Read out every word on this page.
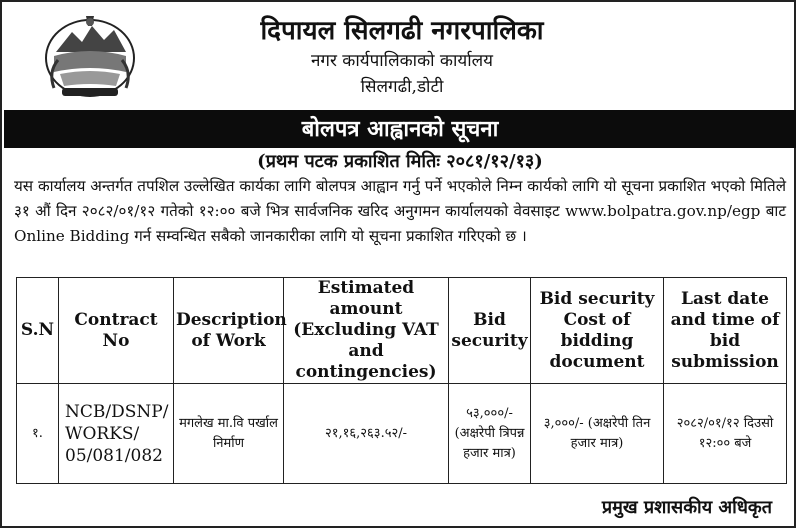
दिपायल सिलगढी नगरपालिका
नगर कार्यपालिकाको कार्यालय
सिलगढी,डोटी
बोलपत्र आह्वानको सूचना
(प्रथम पटक प्रकाशित मितिः २०८१/१२/१३)
यस कार्यालय अन्तर्गत तपशिल उल्लेखित कार्यका लागि बोलपत्र आह्वान गर्नु पर्ने भएकोले निम्न कार्यको लागि यो सूचना प्रकाशित भएको मितिले ३१ औं दिन २०८२/०१/१२ गतेको १२:०० बजे भित्र सार्वजनिक खरिद अनुगमन कार्यालयको वेवसाइट www.bolpatra.gov.np/egp बाट Online Bidding गर्न सम्वन्धित सबैको जानकारीका लागि यो सूचना प्रकाशित गरिएको छ ।
S.N	Contract No	Description of Work	Estimated amount (Excluding VAT and contingencies)	Bid security	Bid security Cost of bidding document	Last date and time of bid submission
१.	NCB/DSNP/ WORKS/ 05/081/082	मगलेख मा.वि पर्खाल निर्माण	२१,१६,२६३.५२/-	५३,०००/- (अक्षरेपी त्रिपन्न हजार मात्र)	३,०००/- (अक्षरेपी तिन हजार मात्र)	२०८२/०१/१२ दिउसो १२:०० बजे
प्रमुख प्रशासकीय अधिकृत
